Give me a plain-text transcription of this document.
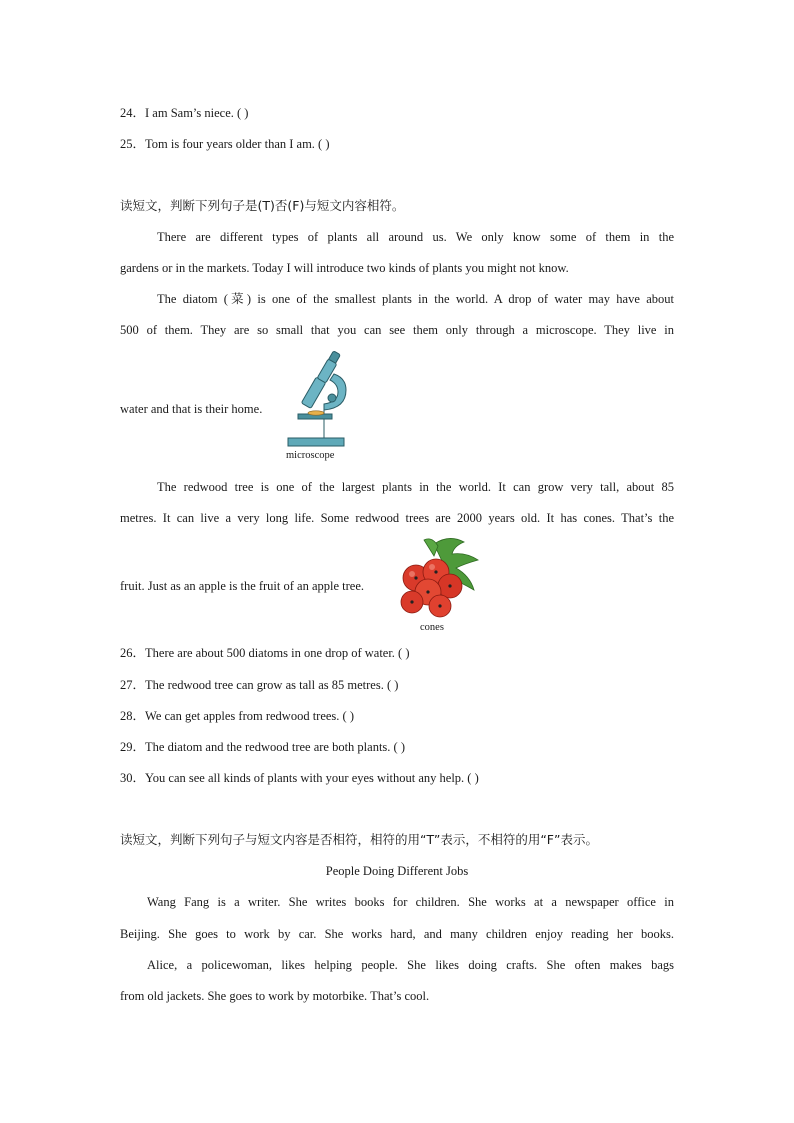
24．I am Sam’s niece. ( )
25．Tom is four years older than I am. ( )
读短文，判断下列句子是(T)否(F)与短文内容相符。
There are different types of plants all around us. We only know some of them in the
gardens or in the markets. Today I will introduce two kinds of plants you might not know.
The diatom (菜) is one of the smallest plants in the world. A drop of water may have about
500 of them. They are so small that you can see them only through a microscope. They live in
water and that is their home.
microscope
The redwood tree is one of the largest plants in the world. It can grow very tall, about 85
metres. It can live a very long life. Some redwood trees are 2000 years old. It has cones. That’s the
fruit. Just as an apple is the fruit of an apple tree.
cones
26．There are about 500 diatoms in one drop of water. ( )
27．The redwood tree can grow as tall as 85 metres. ( )
28．We can get apples from redwood trees. ( )
29．The diatom and the redwood tree are both plants. ( )
30．You can see all kinds of plants with your eyes without any help. ( )
读短文，判断下列句子与短文内容是否相符，相符的用“T”表示，不相符的用“F”表示。
People Doing Different Jobs
Wang Fang is a writer. She writes books for children. She works at a newspaper office in
Beijing. She goes to work by car. She works hard, and many children enjoy reading her books.
Alice, a policewoman, likes helping people. She likes doing crafts. She often makes bags
from old jackets. She goes to work by motorbike. That’s cool.
